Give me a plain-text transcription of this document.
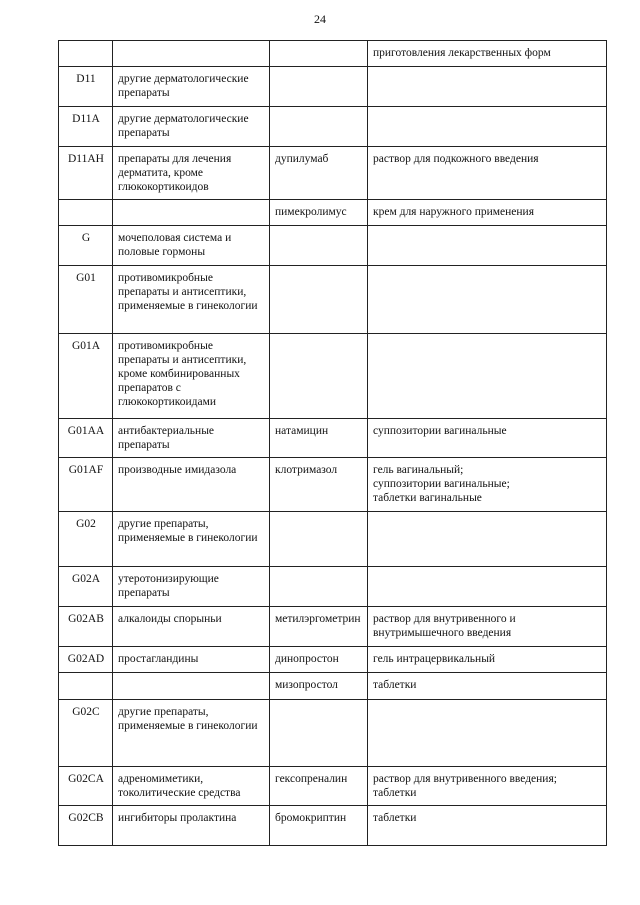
24
			приготовления лекарственных форм
D11	другие дерматологические препараты		
D11A	другие дерматологические препараты		
D11AH	препараты для лечения дерматита, кроме глюкокортикоидов	дупилумаб	раствор для подкожного введения
		пимекролимус	крем для наружного применения
G	мочеполовая система и половые гормоны		
G01	противомикробные препараты и антисептики, применяемые в гинекологии		
G01A	противомикробные препараты и антисептики, кроме комбинированных препаратов с глюкокортикоидами		
G01AA	антибактериальные препараты	натамицин	суппозитории вагинальные
G01AF	производные имидазола	клотримазол	гель вагинальный;
суппозитории вагинальные;
таблетки вагинальные
G02	другие препараты, применяемые в гинекологии		
G02A	утеротонизирующие препараты		
G02AB	алкалоиды спорыньи	метилэргометрин	раствор для внутривенного и внутримышечного введения
G02AD	простагландины	динопростон	гель интрацервикальный
		мизопростол	таблетки
G02C	другие препараты, применяемые в гинекологии		
G02CA	адреномиметики, токолитические средства	гексопреналин	раствор для внутривенного введения;
таблетки
G02CB	ингибиторы пролактина	бромокриптин	таблетки
